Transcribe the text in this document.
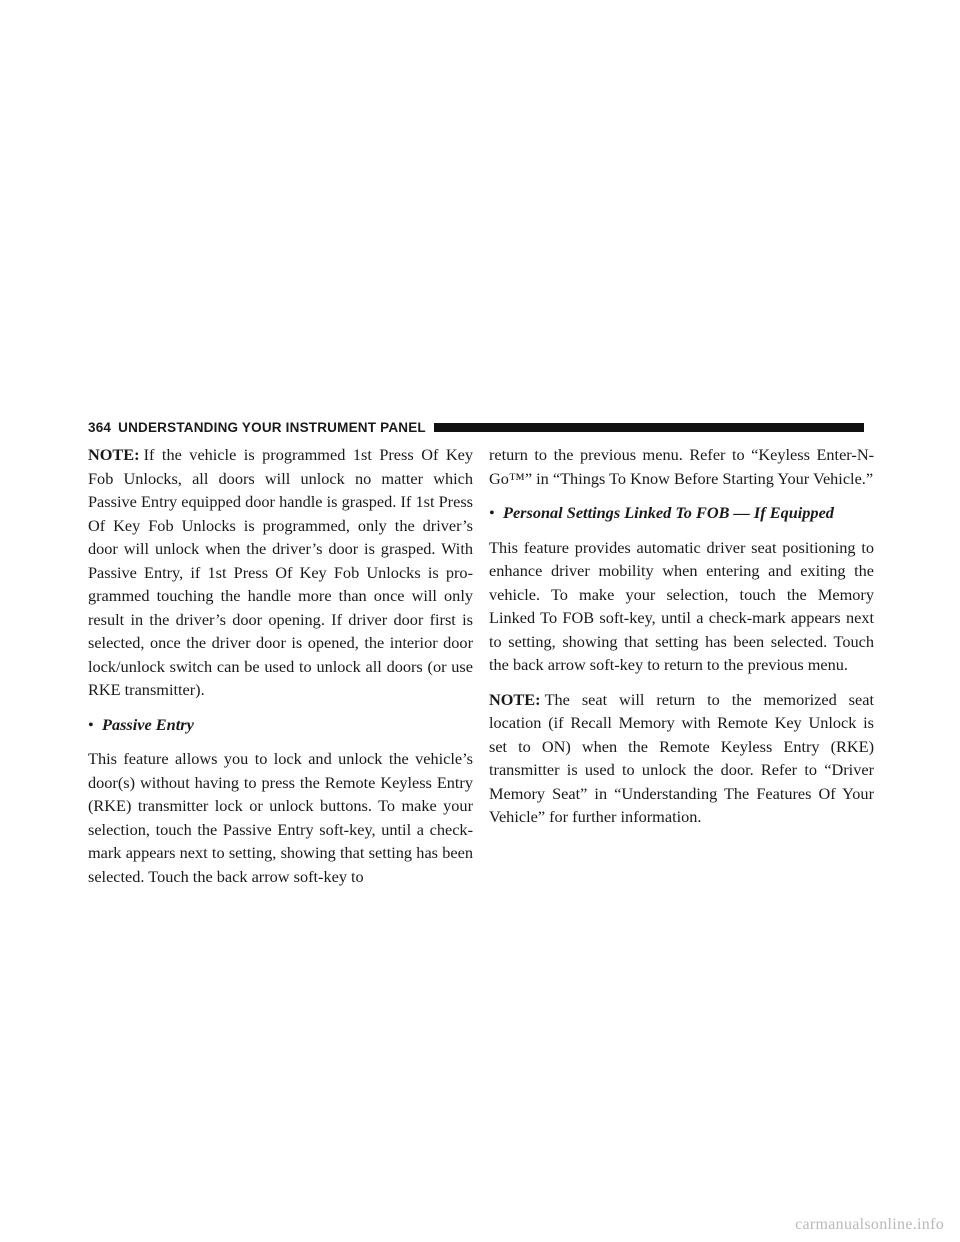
364 UNDERSTANDING YOUR INSTRUMENT PANEL

NOTE: If the vehicle is programmed 1st Press Of Key Fob Unlocks, all doors will unlock no matter which Passive Entry equipped door handle is grasped. If 1st Press Of Key Fob Unlocks is programmed, only the driver’s door will unlock when the driver’s door is grasped. With Passive Entry, if 1st Press Of Key Fob Unlocks is programmed touching the handle more than once will only result in the driver’s door opening. If driver door first is selected, once the driver door is opened, the interior door lock/unlock switch can be used to unlock all doors (or use RKE transmitter).

• Passive Entry

This feature allows you to lock and unlock the vehicle’s door(s) without having to press the Remote Keyless Entry (RKE) transmitter lock or unlock buttons. To make your selection, touch the Passive Entry soft-key, until a check-mark appears next to setting, showing that setting has been selected. Touch the back arrow soft-key to

return to the previous menu. Refer to “Keyless Enter-N-Go™” in “Things To Know Before Starting Your Vehicle.”

• Personal Settings Linked To FOB — If Equipped

This feature provides automatic driver seat positioning to enhance driver mobility when entering and exiting the vehicle. To make your selection, touch the Memory Linked To FOB soft-key, until a check-mark appears next to setting, showing that setting has been selected. Touch the back arrow soft-key to return to the previous menu.

NOTE: The seat will return to the memorized seat location (if Recall Memory with Remote Key Unlock is set to ON) when the Remote Keyless Entry (RKE) transmitter is used to unlock the door. Refer to “Driver Memory Seat” in “Understanding The Features Of Your Vehicle” for further information.

carmanualsonline.info
